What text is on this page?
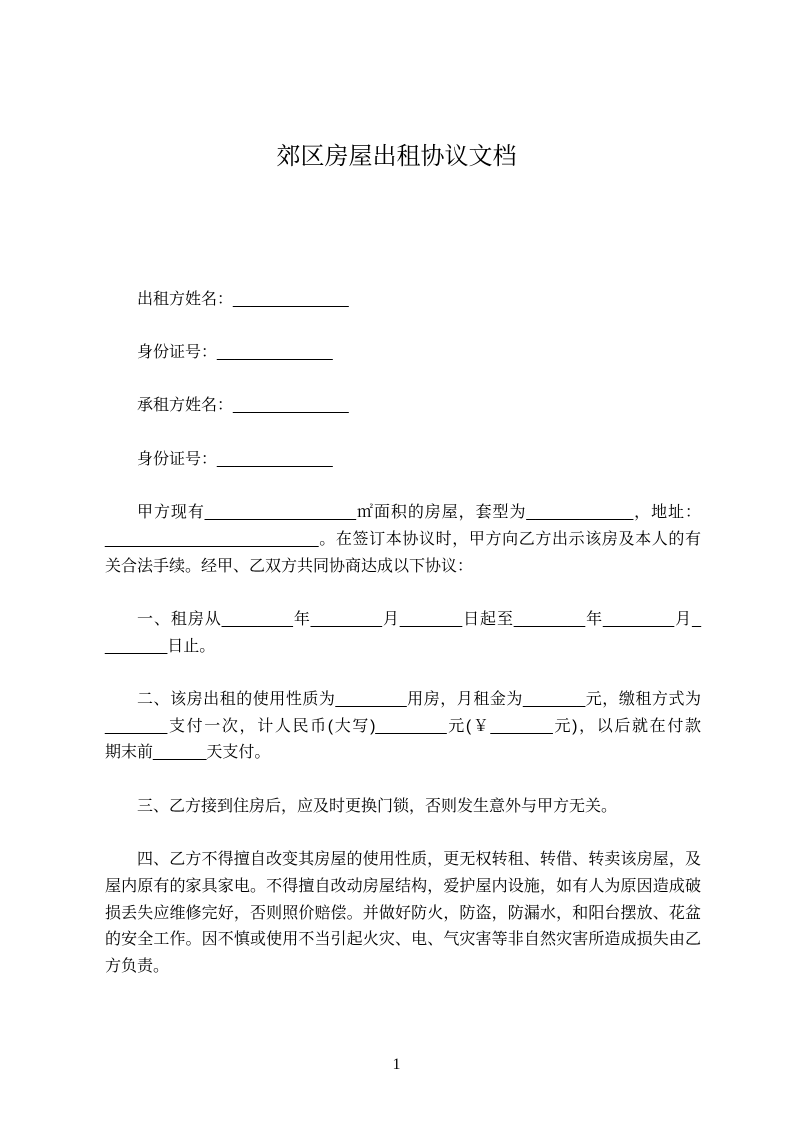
郊区房屋出租协议文档
出租方姓名：_____________
身份证号：_____________
承租方姓名：_____________
身份证号：_____________
甲方现有_________________㎡面积的房屋，套型为____________，地址：
________________________。在签订本协议时，甲方向乙方出示该房及本人的有
关合法手续。经甲、乙双方共同协商达成以下协议：
一、租房从________年________月_______日起至________年________月_
_______日止。
二、该房出租的使用性质为________用房，月租金为_______元，缴租方式为
_______支付一次，计人民币(大写)________元(￥_______元)，以后就在付款
期末前______天支付。
三、乙方接到住房后，应及时更换门锁，否则发生意外与甲方无关。
四、乙方不得擅自改变其房屋的使用性质，更无权转租、转借、转卖该房屋，及
屋内原有的家具家电。不得擅自改动房屋结构，爱护屋内设施，如有人为原因造成破
损丢失应维修完好，否则照价赔偿。并做好防火，防盗，防漏水，和阳台摆放、花盆
的安全工作。因不慎或使用不当引起火灾、电、气灾害等非自然灾害所造成损失由乙
方负责。
1
